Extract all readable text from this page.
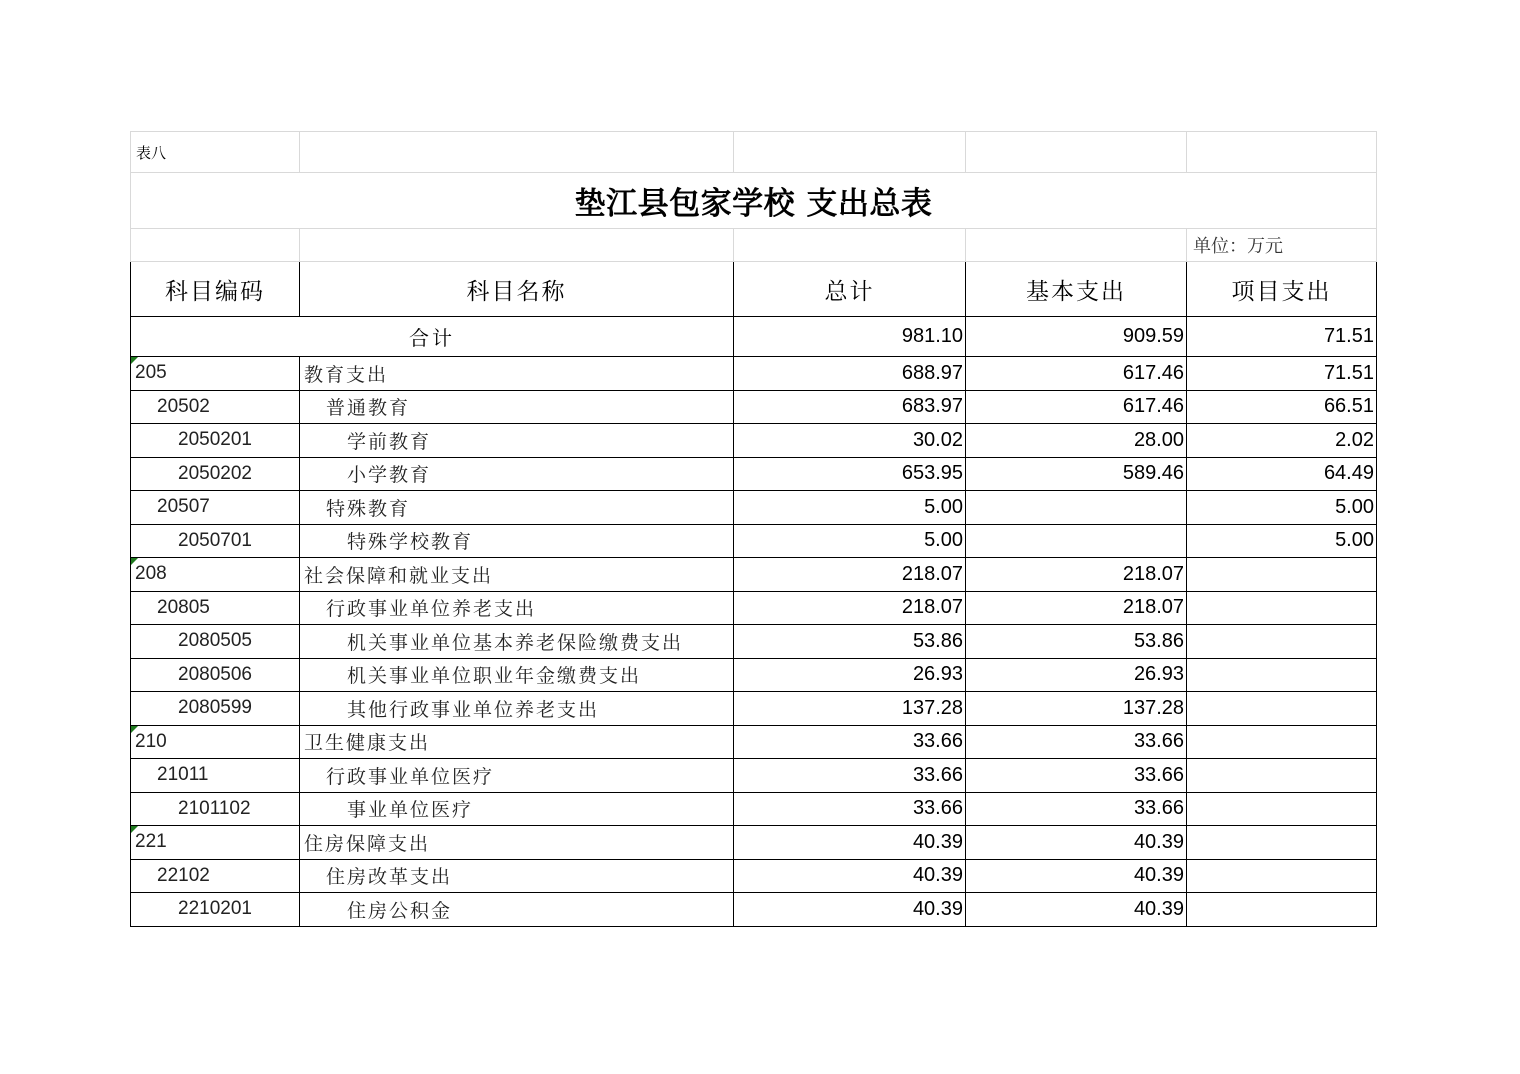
表八				
垫江县包家学校 支出总表				
				单位：万元
科目编码	科目名称	总计	基本支出	项目支出
合计		981.10	909.59	71.51

205	教育支出	688.97	617.46	71.51
20502	普通教育	683.97	617.46	66.51
2050201	学前教育	30.02	28.00	2.02
2050202	小学教育	653.95	589.46	64.49
20507	特殊教育	5.00		5.00
2050701	特殊学校教育	5.00		5.00

208	社会保障和就业支出	218.07	218.07	
20805	行政事业单位养老支出	218.07	218.07	
2080505	机关事业单位基本养老保险缴费支出	53.86	53.86	
2080506	机关事业单位职业年金缴费支出	26.93	26.93	
2080599	其他行政事业单位养老支出	137.28	137.28	

210	卫生健康支出	33.66	33.66	
21011	行政事业单位医疗	33.66	33.66	
2101102	事业单位医疗	33.66	33.66	

221	住房保障支出	40.39	40.39	
22102	住房改革支出	40.39	40.39	
2210201	住房公积金	40.39	40.39	
